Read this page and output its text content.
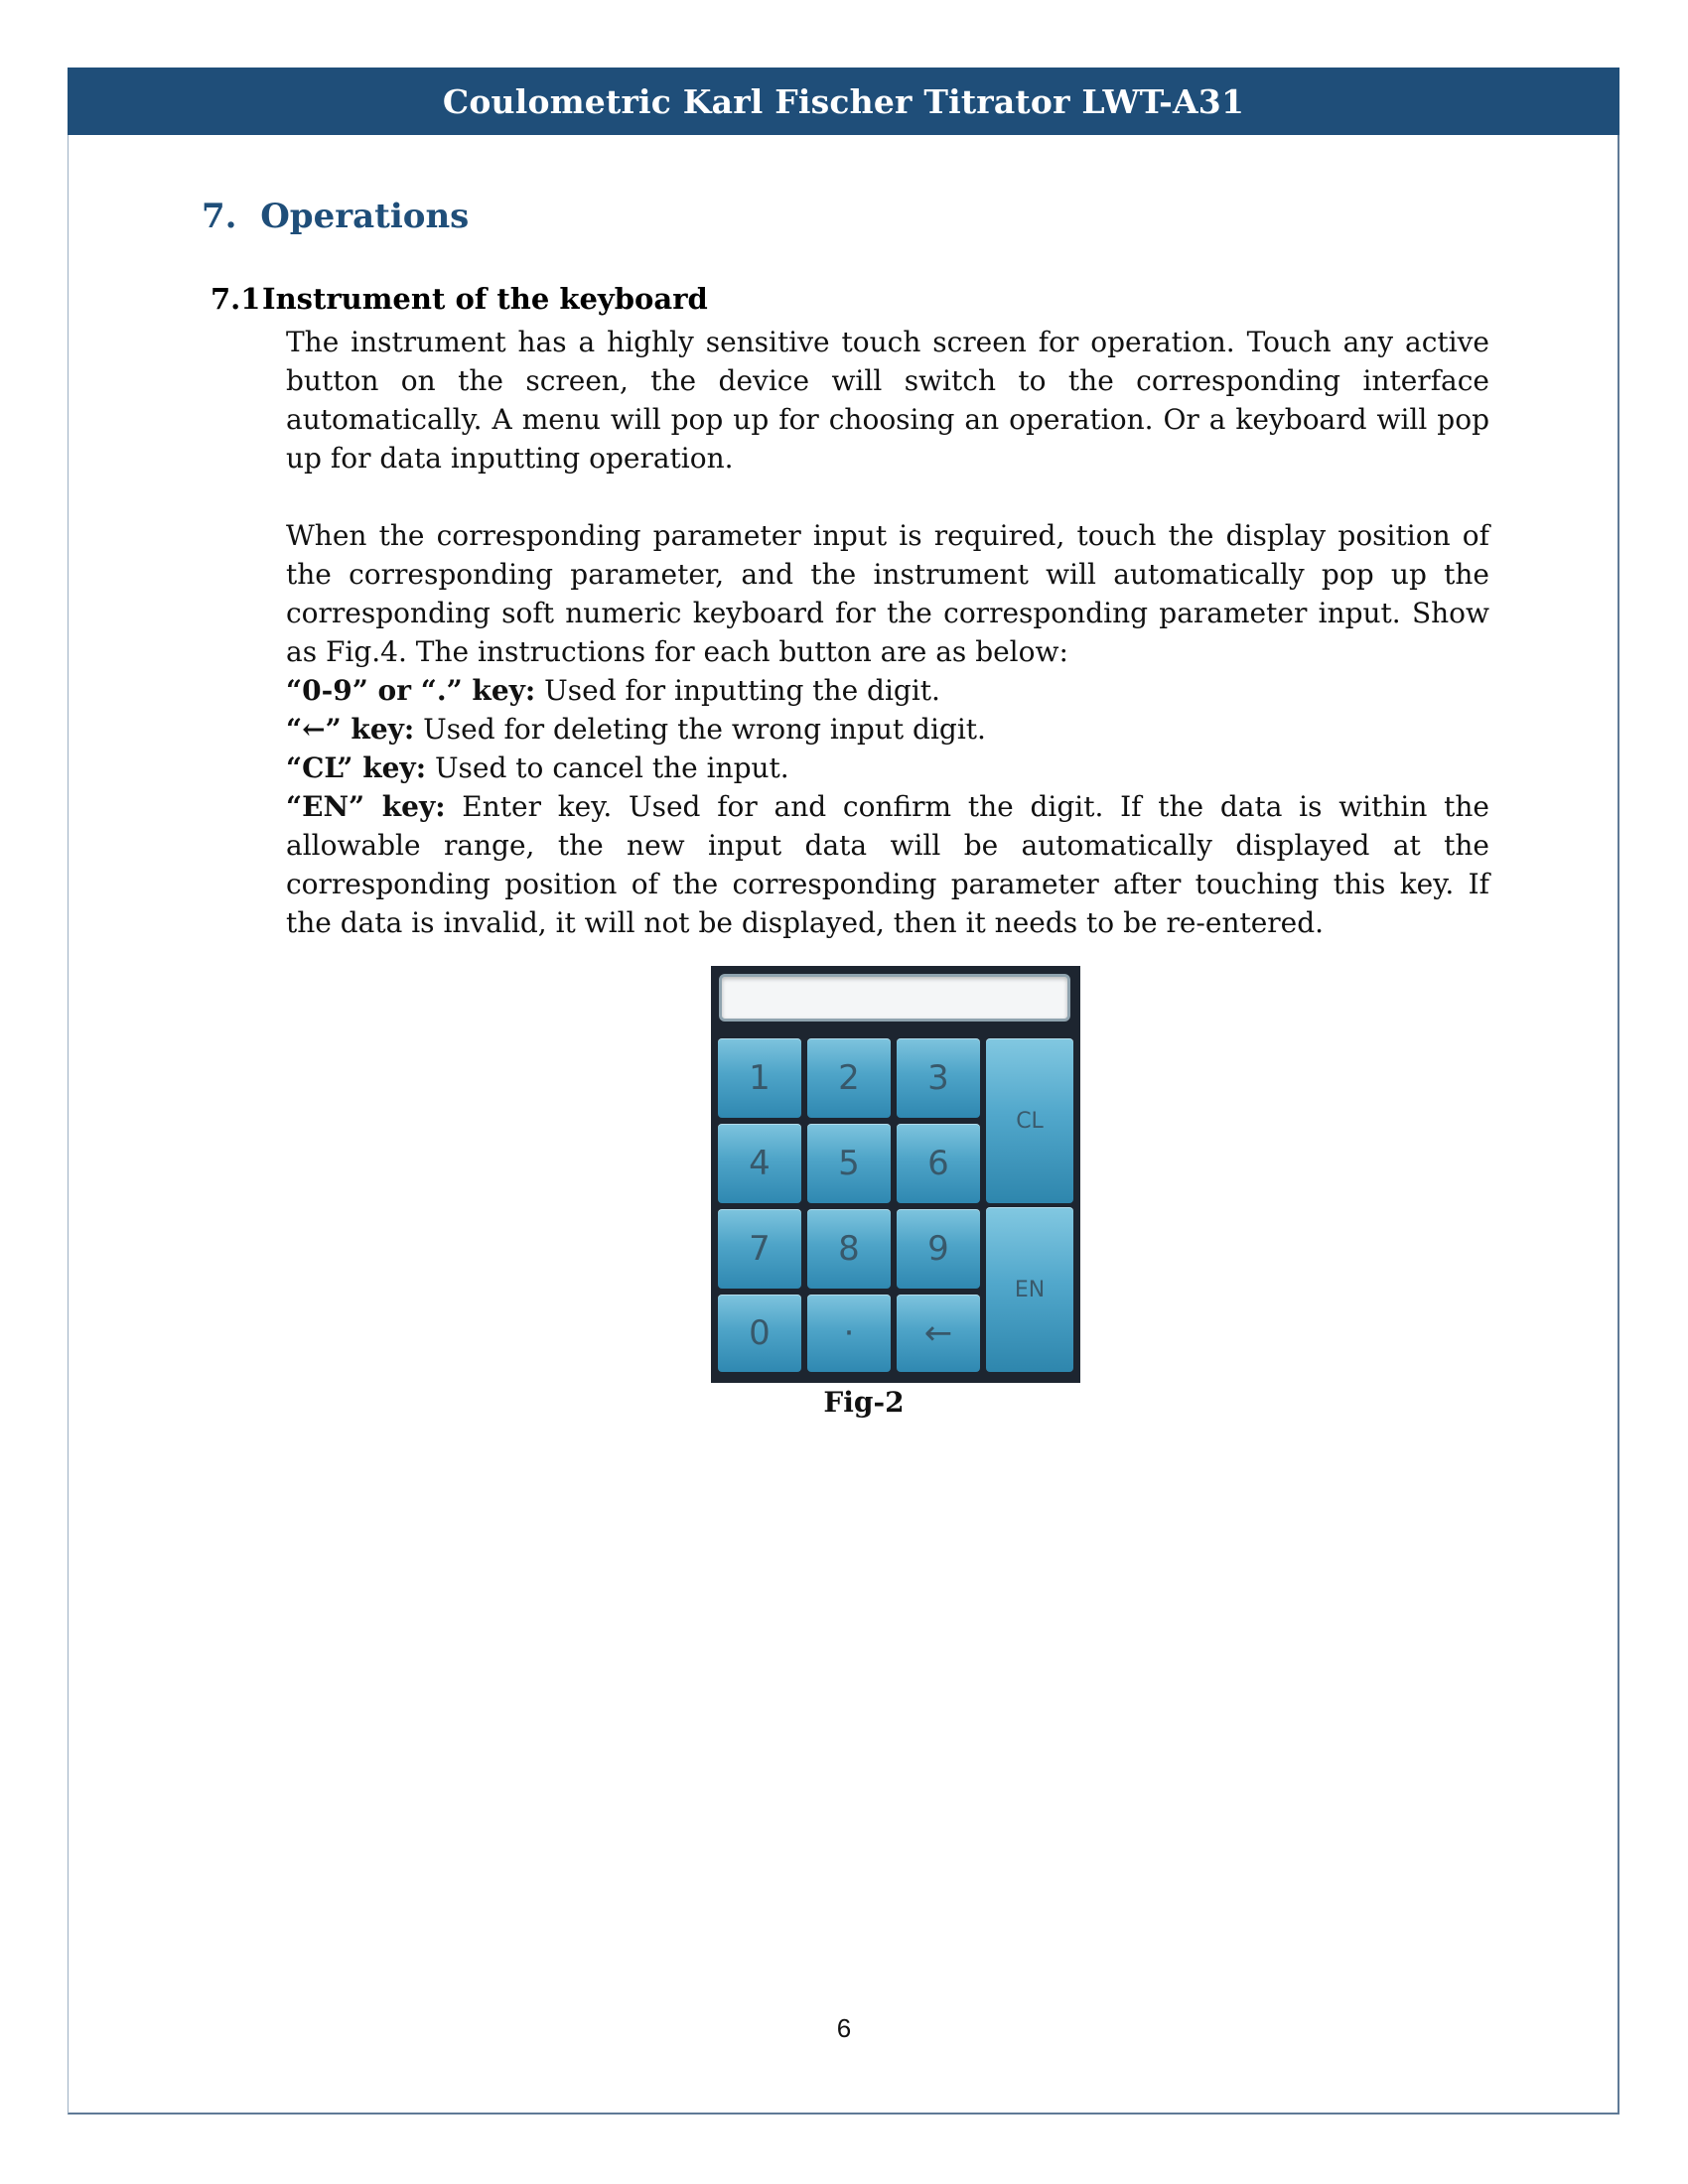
Coulometric Karl Fischer Titrator LWT-A31
7. Operations
7.1Instrument of the keyboard

The instrument has a highly sensitive touch screen for operation. Touch any active button on the screen, the device will switch to the corresponding interface automatically. A menu will pop up for choosing an operation. Or a keyboard will pop up for data inputting operation.

When the corresponding parameter input is required, touch the display position of the corresponding parameter, and the instrument will automatically pop up the corresponding soft numeric keyboard for the corresponding parameter input. Show as Fig.4. The instructions for each button are as below:

“0-9” or “.” key: Used for inputting the digit.

“←” key: Used for deleting the wrong input digit.

“CL” key: Used to cancel the input.

“EN” key: Enter key. Used for and confirm the digit. If the data is within the allowable range, the new input data will be automatically displayed at the corresponding position of the corresponding parameter after touching this key. If the data is invalid, it will not be displayed, then it needs to be re-entered.

1	2	3
4	5	6
7	8	9
0	·	←
CL
EN
Fig-2
6
